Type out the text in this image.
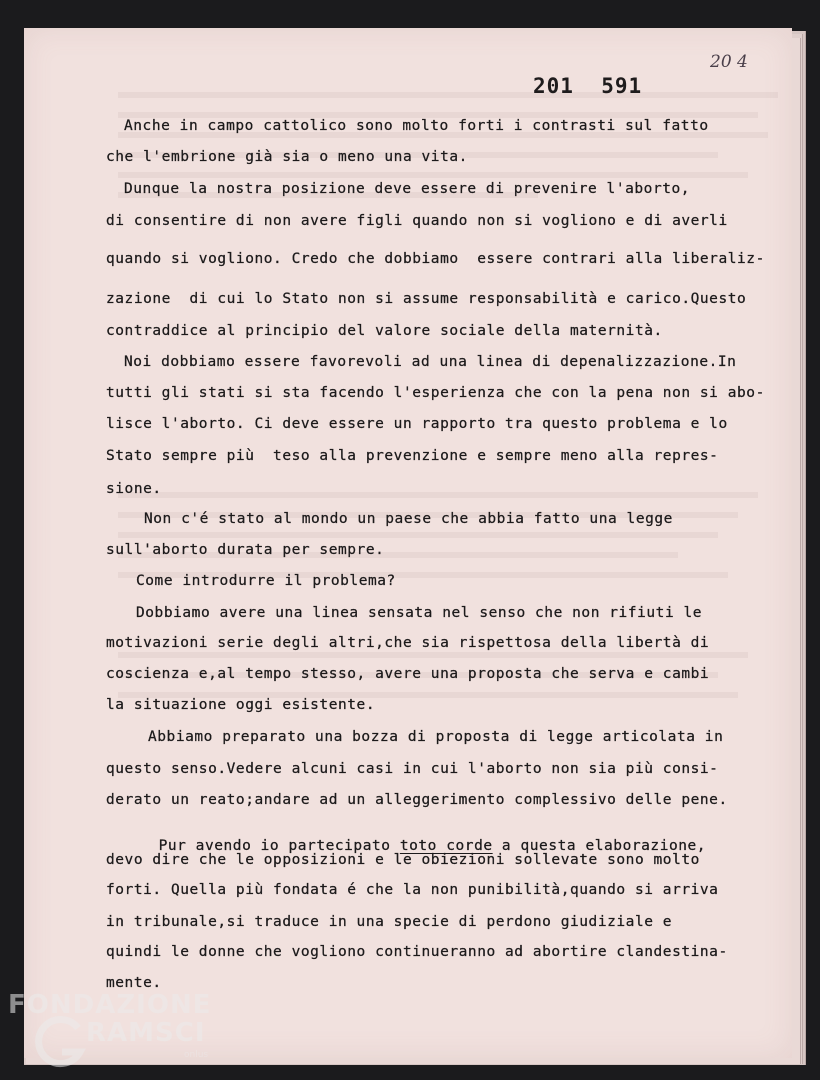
201  591
20 4
Anche in campo cattolico sono molto forti i contrasti sul fatto
che l'embrione già sia o meno una vita.
Dunque la nostra posizione deve essere di prevenire l'aborto,
di consentire di non avere figli quando non si vogliono e di averli
quando si vogliono. Credo che dobbiamo  essere contrari alla liberaliz-
zazione  di cui lo Stato non si assume responsabilità e carico.Questo
contraddice al principio del valore sociale della maternità.
Noi dobbiamo essere favorevoli ad una linea di depenalizzazione.In
tutti gli stati si sta facendo l'esperienza che con la pena non si abo-
lisce l'aborto. Ci deve essere un rapporto tra questo problema e lo
Stato sempre più  teso alla prevenzione e sempre meno alla repres-
sione.
Non c'é stato al mondo un paese che abbia fatto una legge
sull'aborto durata per sempre.
Come introdurre il problema?
Dobbiamo avere una linea sensata nel senso che non rifiuti le
motivazioni serie degli altri,che sia rispettosa della libertà di
coscienza e,al tempo stesso, avere una proposta che serva e cambi
la situazione oggi esistente.
Abbiamo preparato una bozza di proposta di legge articolata in
questo senso.Vedere alcuni casi in cui l'aborto non sia più consi-
derato un reato;andare ad un alleggerimento complessivo delle pene.

Pur avendo io partecipato toto corde a questa elaborazione,

devo dire che le opposizioni e le obiezioni sollevate sono molto
forti. Quella più fondata é che la non punibilità,quando si arriva
in tribunale,si traduce in una specie di perdono giudiziale e
quindi le donne che vogliono continueranno ad abortire clandestina-
mente.
FONDAZIONE
RAMSCI
onlus
